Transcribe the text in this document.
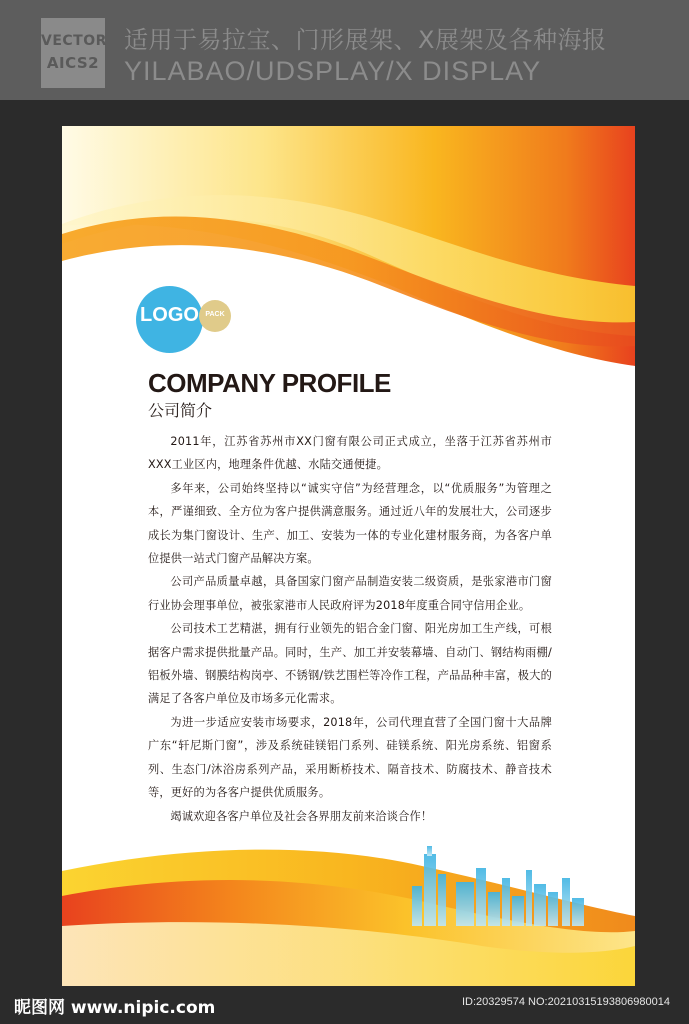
VECTOR
AICS2
适用于易拉宝、门形展架、X展架及各种海报
YILABAO/UDSPLAY/X DISPLAY
LOGO PACK
COMPANY PROFILE
公司简介

2011年，江苏省苏州市XX门窗有限公司正式成立，坐落于江苏省苏州市XXX工业区内，地理条件优越、水陆交通便捷。

多年来，公司始终坚持以“诚实守信”为经营理念，以“优质服务”为管理之本，严谨细致、全方位为客户提供满意服务。通过近八年的发展壮大，公司逐步成长为集门窗设计、生产、加工、安装为一体的专业化建材服务商，为各客户单位提供一站式门窗产品解决方案。

公司产品质量卓越，具备国家门窗产品制造安装二级资质，是张家港市门窗行业协会理事单位，被张家港市人民政府评为2018年度重合同守信用企业。

公司技术工艺精湛，拥有行业领先的铝合金门窗、阳光房加工生产线，可根据客户需求提供批量产品。同时，生产、加工并安装幕墙、自动门、钢结构雨棚/铝板外墙、钢膜结构岗亭、不锈钢/铁艺围栏等冷作工程，产品品种丰富，极大的满足了各客户单位及市场多元化需求。

为进一步适应安装市场要求，2018年，公司代理直营了全国门窗十大品牌广东“轩尼斯门窗”，涉及系统硅镁铝门系列、硅镁系统、阳光房系统、铝窗系列、生态门/沐浴房系列产品，采用断桥技术、隔音技术、防腐技术、静音技术等，更好的为各客户提供优质服务。

竭诚欢迎各客户单位及社会各界朋友前来洽谈合作！

昵图网 www.nipic.com	ID:20329574 NO:20210315193806980014
